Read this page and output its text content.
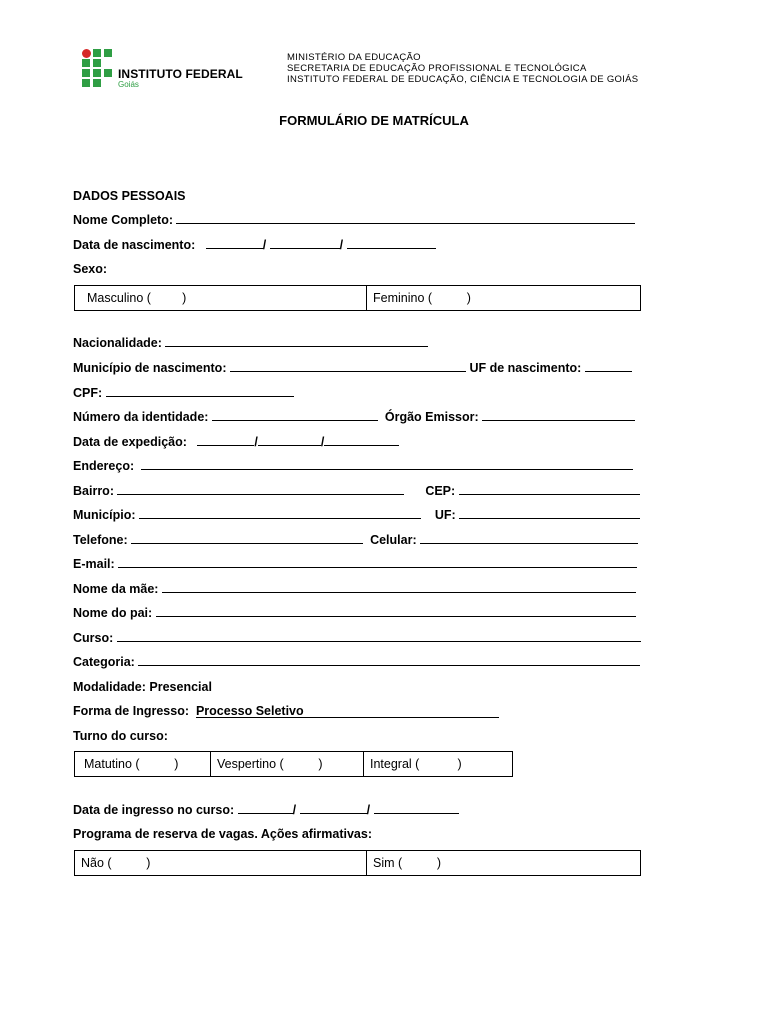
INSTITUTO FEDERAL
Goiás
MINISTÉRIO DA EDUCAÇÃO
SECRETARIA DE EDUCAÇÃO PROFISSIONAL E TECNOLÓGICA
INSTITUTO FEDERAL DE EDUCAÇÃO, CIÊNCIA E TECNOLOGIA DE GOIÁS
FORMULÁRIO DE MATRÍCULA
DADOS PESSOAIS
Nome Completo:
Data de nascimento:	/	/
Sexo:
Masculino (         )	Feminino (          )
Nacionalidade:
Município de nascimento:	UF de nascimento:
CPF:
Número da identidade:	Órgão Emissor:
Data de expedição:	/	/
Endereço:
Bairro:	CEP:
Município:	UF:
Telefone:	Celular:
E-mail:
Nome da mãe:
Nome do pai:
Curso:
Categoria:
Modalidade: Presencial
Forma de Ingresso: Processo Seletivo
Turno do curso:
Matutino (          )	Vespertino (          )	Integral (           )
Data de ingresso no curso:	/	/
Programa de reserva de vagas. Ações afirmativas:
Não (          )	Sim (          )
